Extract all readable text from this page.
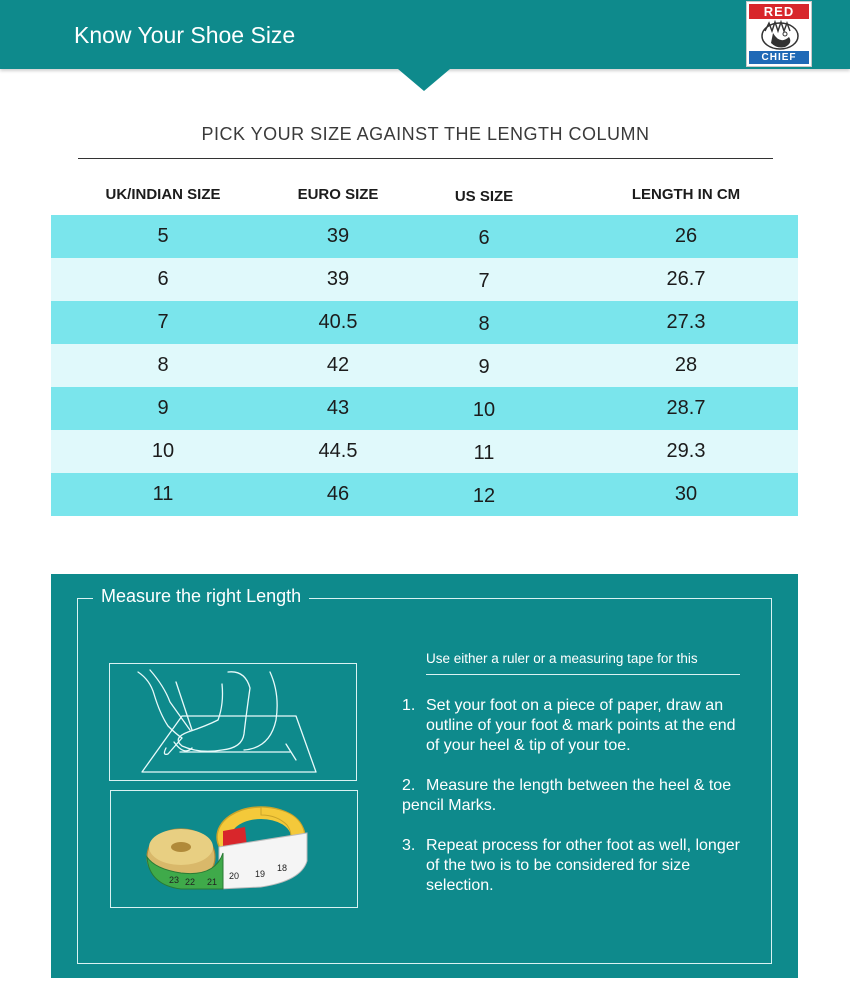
Know Your Shoe Size
RED
CHIEF
PICK YOUR SIZE AGAINST THE LENGTH COLUMN
UK/INDIAN SIZE	EURO SIZE	US SIZE	LENGTH IN CM
5	39	6	26
6	39	7	26.7
7	40.5	8	27.3
8	42	9	28
9	43	10	28.7
10	44.5	11	29.3
11	46	12	30
Measure the right Length
23 22 21
20 19
18
Use either a ruler or a measuring tape for this
1. Set your foot on a piece of paper, draw an outline of your foot & mark points at the end of your heel & tip of your toe.
2. Measure the length between the heel & toe           pencil Marks.
3. Repeat process for other foot as well, longer of the two is to be considered for size selection.
